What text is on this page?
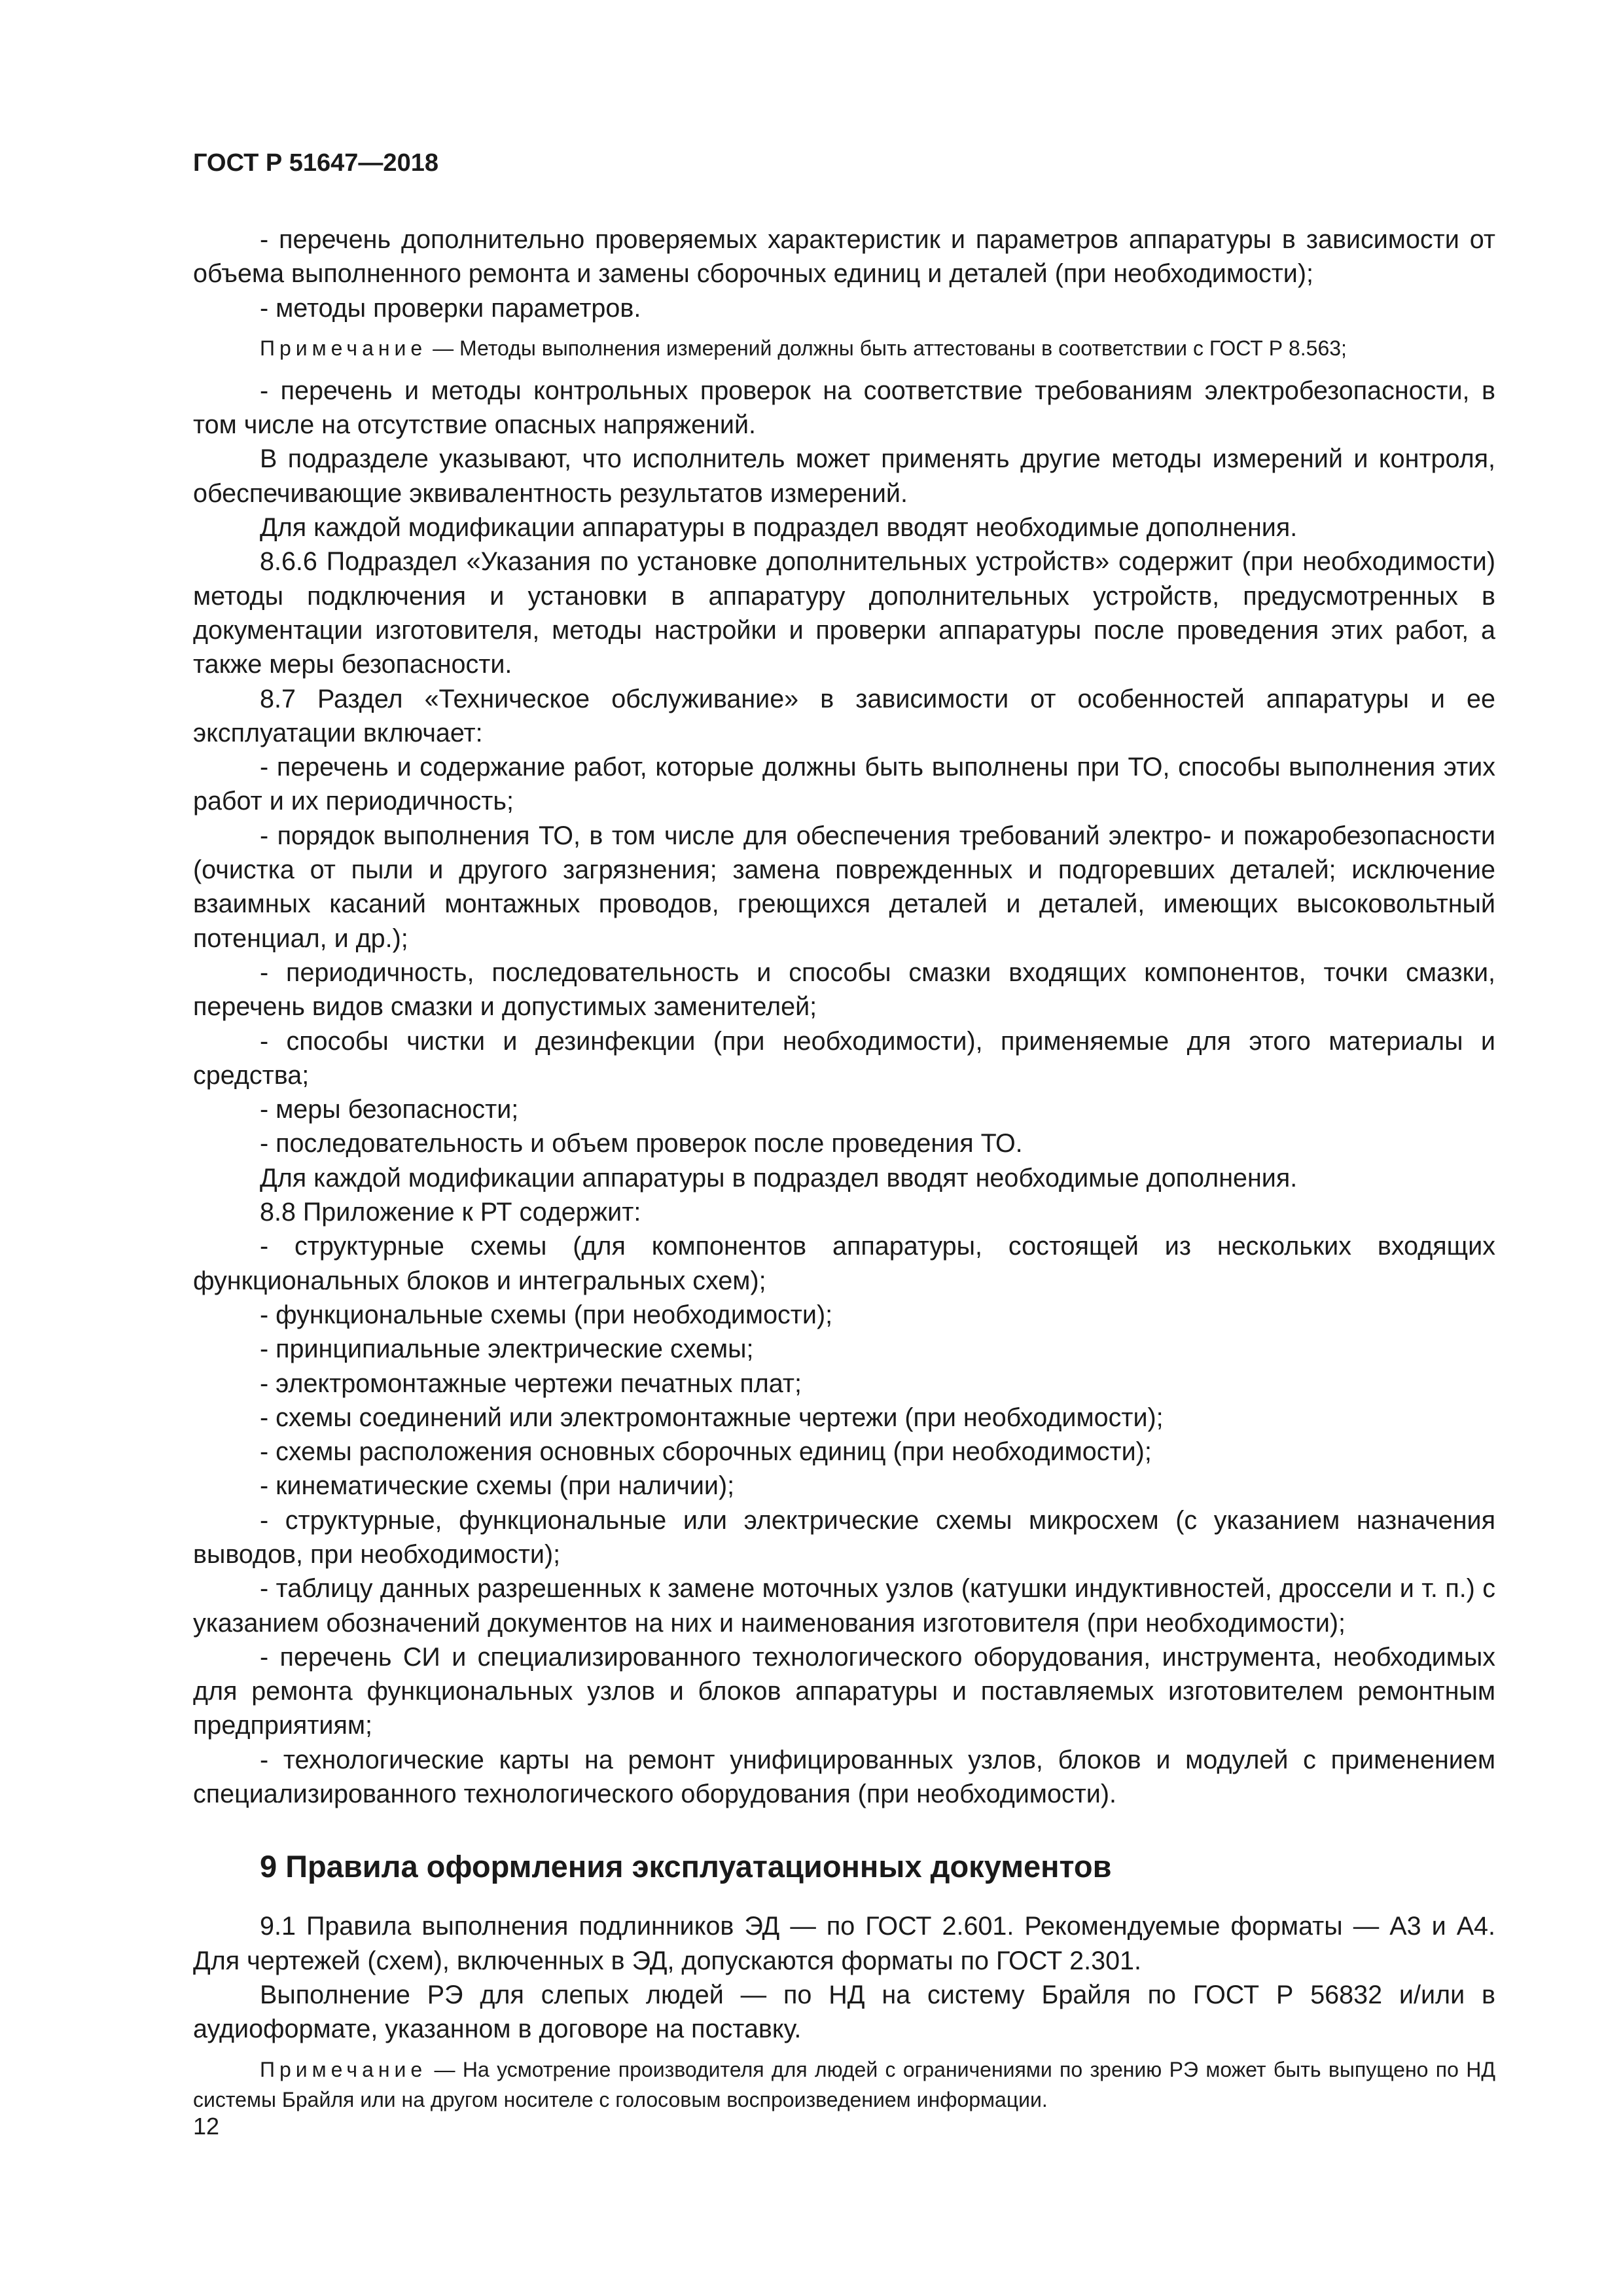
ГОСТ Р 51647—2018

- перечень дополнительно проверяемых характеристик и параметров аппаратуры в зависимости от объема выполненного ремонта и замены сборочных единиц и деталей (при необходимости);

- методы проверки параметров.

Примечание — Методы выполнения измерений должны быть аттестованы в соответствии с ГОСТ Р 8.563;

- перечень и методы контрольных проверок на соответствие требованиям электробезопасности, в том числе на отсутствие опасных напряжений.

В подразделе указывают, что исполнитель может применять другие методы измерений и контроля, обеспечивающие эквивалентность результатов измерений.

Для каждой модификации аппаратуры в подраздел вводят необходимые дополнения.

8.6.6 Подраздел «Указания по установке дополнительных устройств» содержит (при необходимости) методы подключения и установки в аппаратуру дополнительных устройств, предусмотренных в документации изготовителя, методы настройки и проверки аппаратуры после проведения этих работ, а также меры безопасности.

8.7 Раздел «Техническое обслуживание» в зависимости от особенностей аппаратуры и ее эксплуатации включает:

- перечень и содержание работ, которые должны быть выполнены при ТО, способы выполнения этих работ и их периодичность;

- порядок выполнения ТО, в том числе для обеспечения требований электро- и пожаробезопасности (очистка от пыли и другого загрязнения; замена поврежденных и подгоревших деталей; исключение взаимных касаний монтажных проводов, греющихся деталей и деталей, имеющих высоковольтный потенциал, и др.);

- периодичность, последовательность и способы смазки входящих компонентов, точки смазки, перечень видов смазки и допустимых заменителей;

- способы чистки и дезинфекции (при необходимости), применяемые для этого материалы и средства;

- меры безопасности;

- последовательность и объем проверок после проведения ТО.

Для каждой модификации аппаратуры в подраздел вводят необходимые дополнения.

8.8 Приложение к РТ содержит:

- структурные схемы (для компонентов аппаратуры, состоящей из нескольких входящих функциональных блоков и интегральных схем);

- функциональные схемы (при необходимости);

- принципиальные электрические схемы;

- электромонтажные чертежи печатных плат;

- схемы соединений или электромонтажные чертежи (при необходимости);

- схемы расположения основных сборочных единиц (при необходимости);

- кинематические схемы (при наличии);

- структурные, функциональные или электрические схемы микросхем (с указанием назначения выводов, при необходимости);

- таблицу данных разрешенных к замене моточных узлов (катушки индуктивностей, дроссели и т. п.) с указанием обозначений документов на них и наименования изготовителя (при необходимости);

- перечень СИ и специализированного технологического оборудования, инструмента, необходимых для ремонта функциональных узлов и блоков аппаратуры и поставляемых изготовителем ремонтным предприятиям;

- технологические карты на ремонт унифицированных узлов, блоков и модулей с применением специализированного технологического оборудования (при необходимости).

9 Правила оформления эксплуатационных документов

9.1 Правила выполнения подлинников ЭД — по ГОСТ 2.601. Рекомендуемые форматы — А3 и А4. Для чертежей (схем), включенных в ЭД, допускаются форматы по ГОСТ 2.301.

Выполнение РЭ для слепых людей — по НД на систему Брайля по ГОСТ Р 56832 и/или в аудиоформате, указанном в договоре на поставку.

Примечание — На усмотрение производителя для людей с ограничениями по зрению РЭ может быть выпущено по НД системы Брайля или на другом носителе с голосовым воспроизведением информации.

12
